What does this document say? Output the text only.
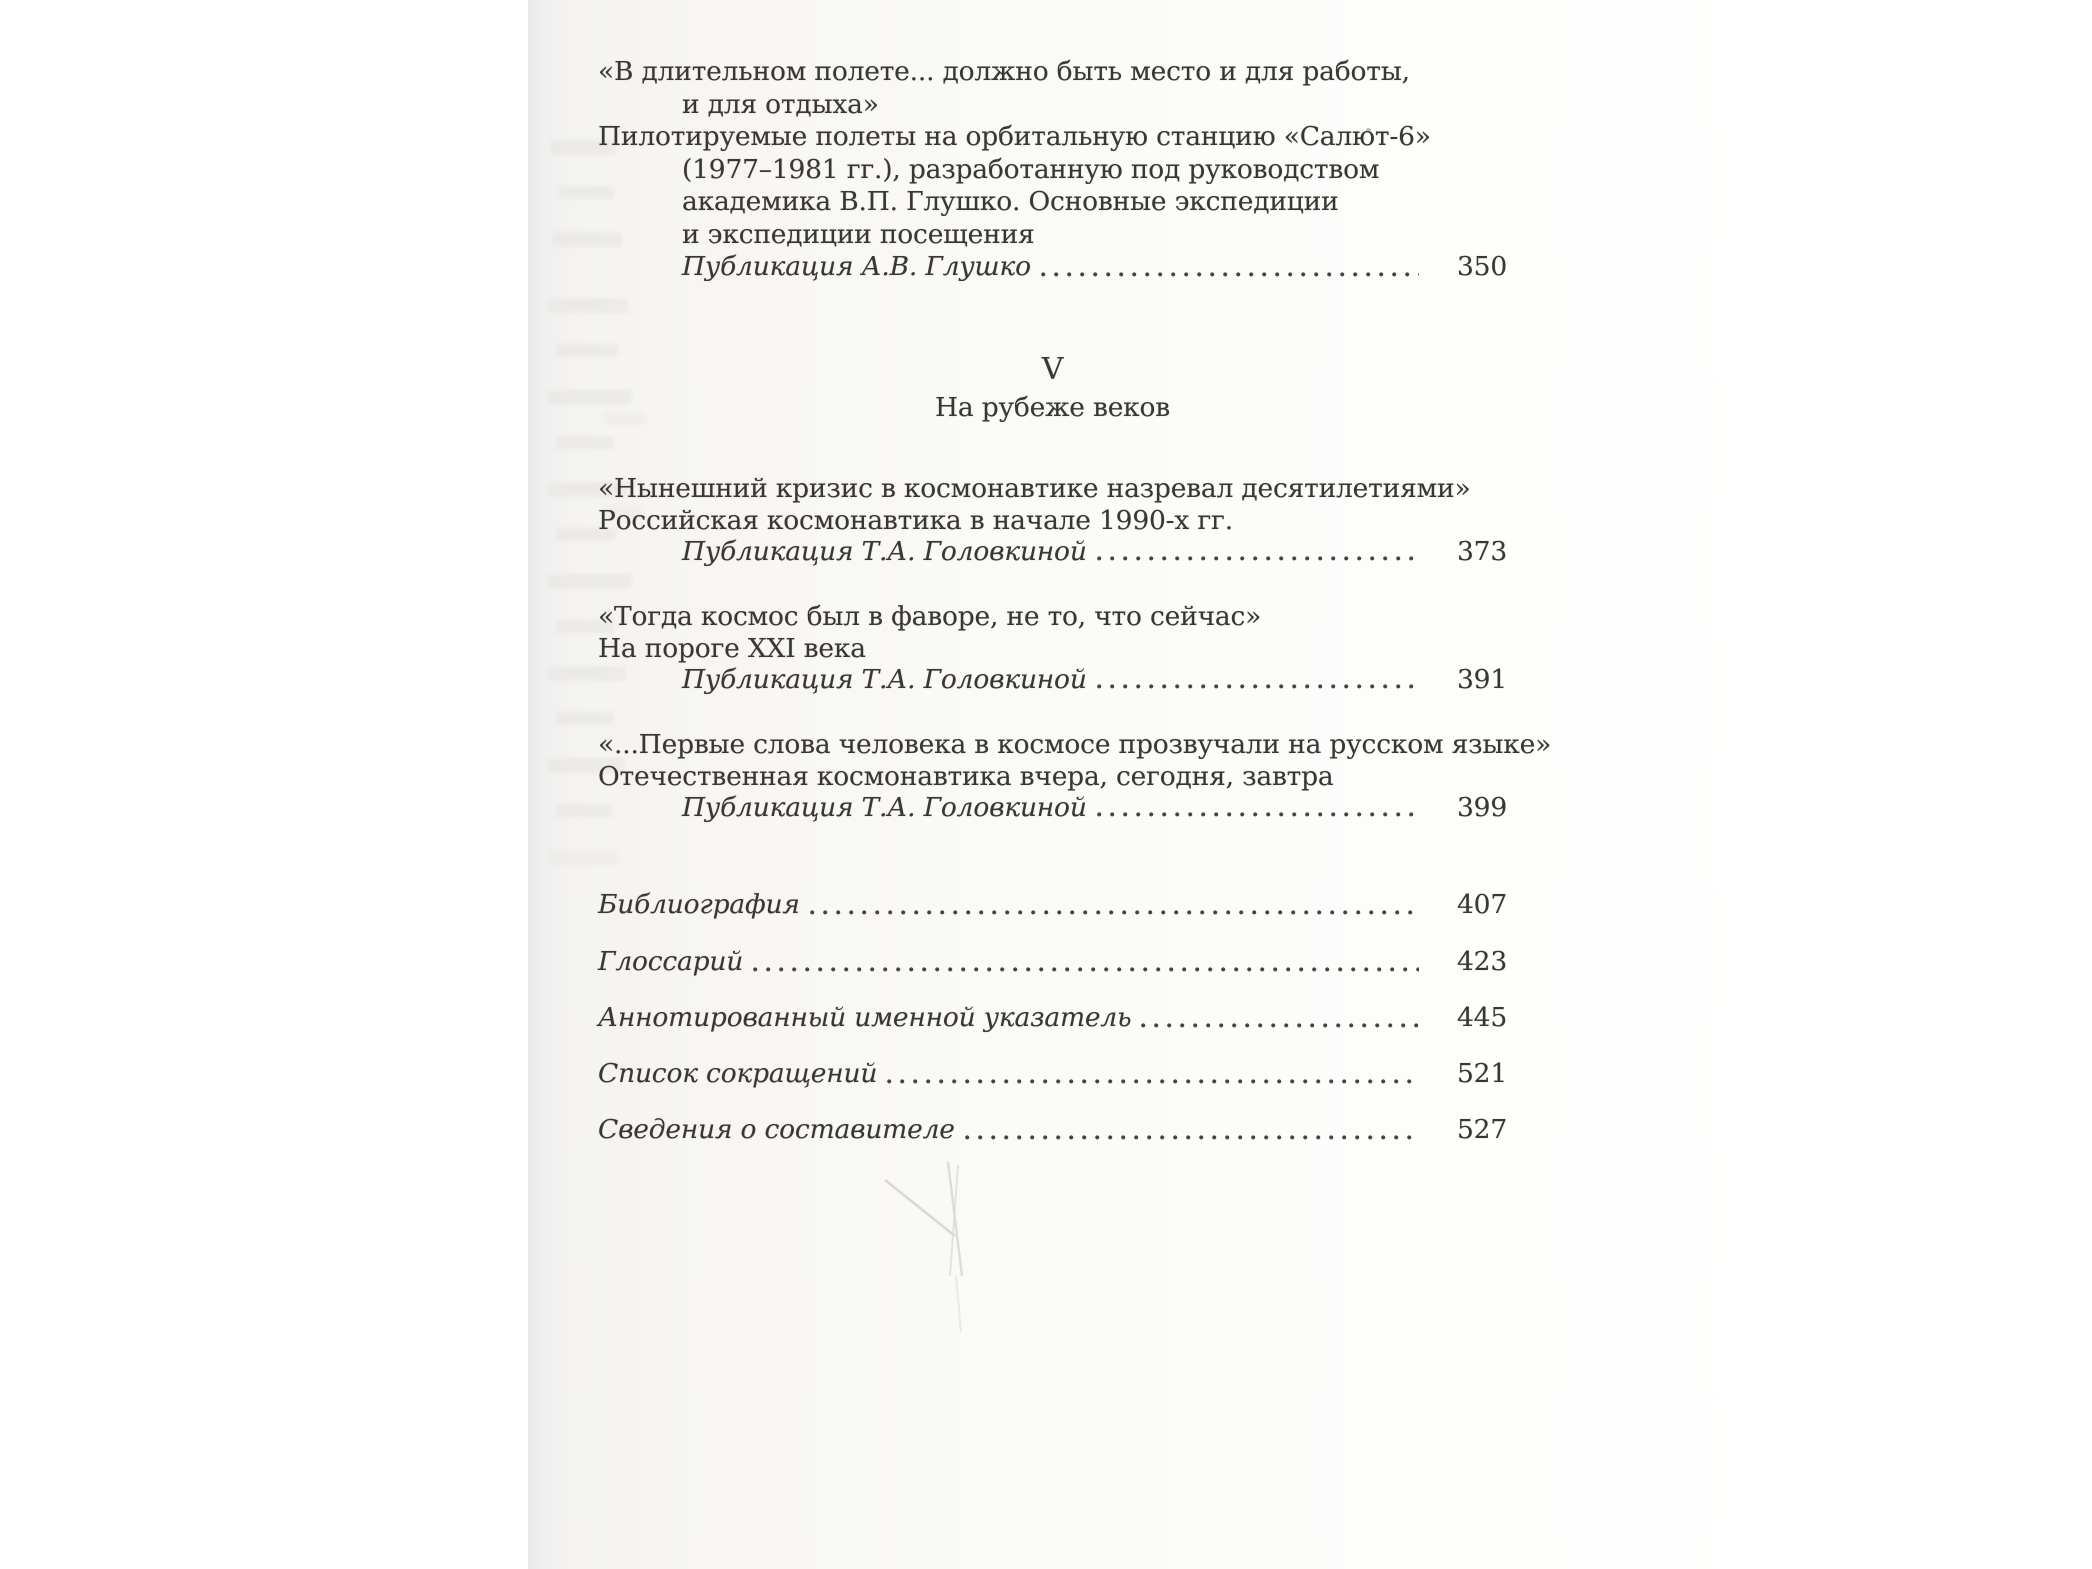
«В длительном полете... должно быть место и для работы,
и для отдыха»
Пилотируемые полеты на орбитальную станцию «Салют-6»
(1977–1981 гг.), разработанную под руководством
академика В.П. Глушко. Основные экспедиции
и экспедиции посещения
Публикация А.В. Глушко	350
V
На рубеже веков
«Нынешний кризис в космонавтике назревал десятилетиями»
Российская космонавтика в начале 1990-х гг.
Публикация Т.А. Головкиной	373
«Тогда космос был в фаворе, не то, что сейчас»
На пороге XXI века
Публикация Т.А. Головкиной	391
«...Первые слова человека в космосе прозвучали на русском языке»
Отечественная космонавтика вчера, сегодня, завтра
Публикация Т.А. Головкиной	399
Библиография	407
Глоссарий	423
Аннотированный именной указатель	445
Список сокращений	521
Сведения о составителе	527
